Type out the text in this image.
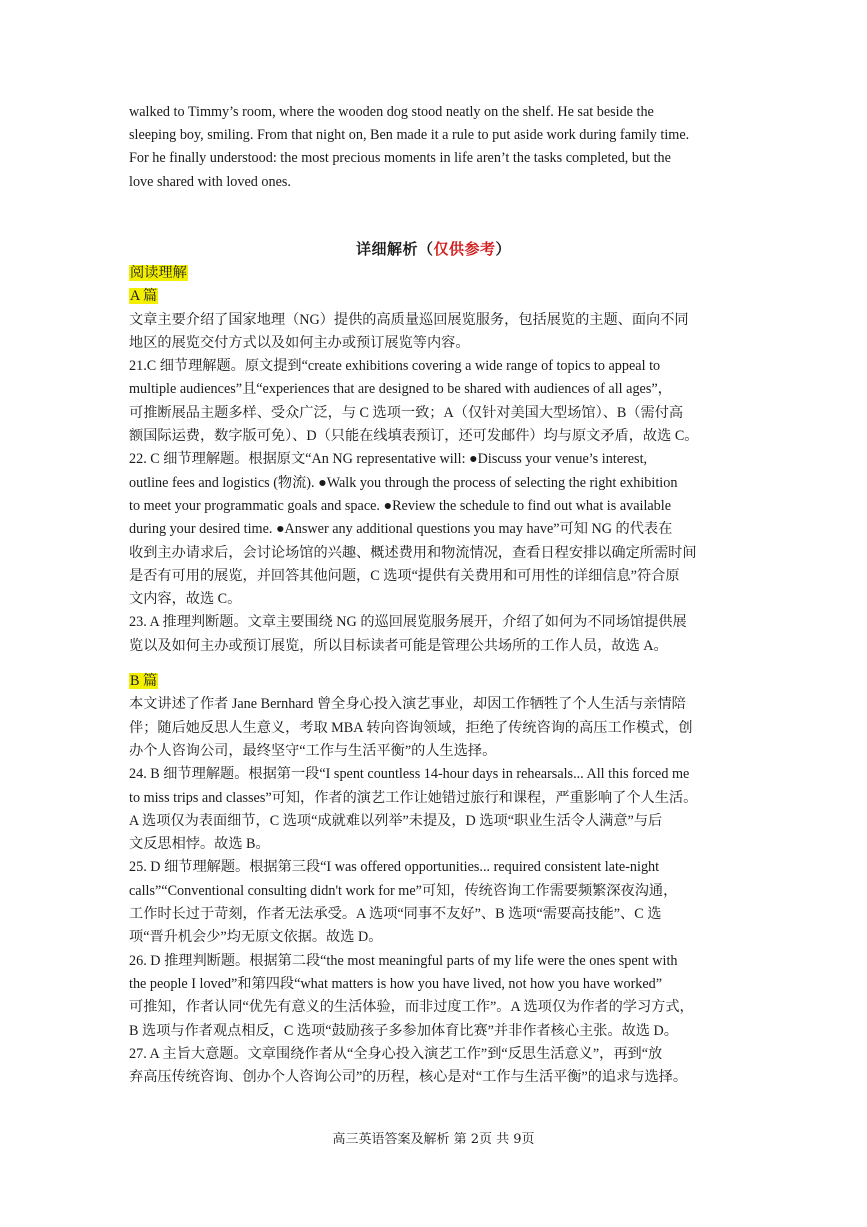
walked to Timmy’s room, where the wooden dog stood neatly on the shelf. He sat beside the

sleeping boy, smiling. From that night on, Ben made it a rule to put aside work during family time.

For he finally understood: the most precious moments in life aren’t the tasks completed, but the

love shared with loved ones.

详细解析（仅供参考）

阅读理解

A 篇

文章主要介绍了国家地理（NG）提供的高质量巡回展览服务，包括展览的主题、面向不同

地区的展览交付方式以及如何主办或预订展览等内容。

21.C 细节理解题。原文提到“create exhibitions covering a wide range of topics to appeal to

multiple audiences”且“experiences that are designed to be shared with audiences of all ages”，

可推断展品主题多样、受众广泛，与 C 选项一致；A（仅针对美国大型场馆）、B（需付高

额国际运费，数字版可免）、D（只能在线填表预订，还可发邮件）均与原文矛盾，故选 C。

22. C 细节理解题。根据原文“An NG representative will: ●Discuss your venue’s interest,

outline fees and logistics (物流). ●Walk you through the process of selecting the right exhibition

to meet your programmatic goals and space. ●Review the schedule to find out what is available

during your desired time. ●Answer any additional questions you may have”可知 NG 的代表在

收到主办请求后，会讨论场馆的兴趣、概述费用和物流情况，查看日程安排以确定所需时间

是否有可用的展览，并回答其他问题，C 选项“提供有关费用和可用性的详细信息”符合原

文内容，故选 C。

23. A 推理判断题。文章主要围绕 NG 的巡回展览服务展开，介绍了如何为不同场馆提供展

览以及如何主办或预订展览，所以目标读者可能是管理公共场所的工作人员，故选 A。

B 篇

本文讲述了作者 Jane Bernhard 曾全身心投入演艺事业，却因工作牺牲了个人生活与亲情陪

伴；随后她反思人生意义，考取 MBA 转向咨询领域，拒绝了传统咨询的高压工作模式，创

办个人咨询公司，最终坚守“工作与生活平衡”的人生选择。

24. B 细节理解题。根据第一段“I spent countless 14-hour days in rehearsals... All this forced me

to miss trips and classes”可知，作者的演艺工作让她错过旅行和课程，严重影响了个人生活。

A 选项仅为表面细节，C 选项“成就难以列举”未提及，D 选项“职业生活令人满意”与后

文反思相悖。故选 B。

25. D 细节理解题。根据第三段“I was offered opportunities... required consistent late-night

calls”“Conventional consulting didn't work for me”可知，传统咨询工作需要频繁深夜沟通，

工作时长过于苛刻，作者无法承受。A 选项“同事不友好”、B 选项“需要高技能”、C 选

项“晋升机会少”均无原文依据。故选 D。

26. D 推理判断题。根据第二段“the most meaningful parts of my life were the ones spent with

the people I loved”和第四段“what matters is how you have lived, not how you have worked”

可推知，作者认同“优先有意义的生活体验，而非过度工作”。A 选项仅为作者的学习方式，

B 选项与作者观点相反，C 选项“鼓励孩子多参加体育比赛”并非作者核心主张。故选 D。

27. A 主旨大意题。文章围绕作者从“全身心投入演艺工作”到“反思生活意义”，再到“放

弃高压传统咨询、创办个人咨询公司”的历程，核心是对“工作与生活平衡”的追求与选择。

高三英语答案及解析 第 2页 共 9页
